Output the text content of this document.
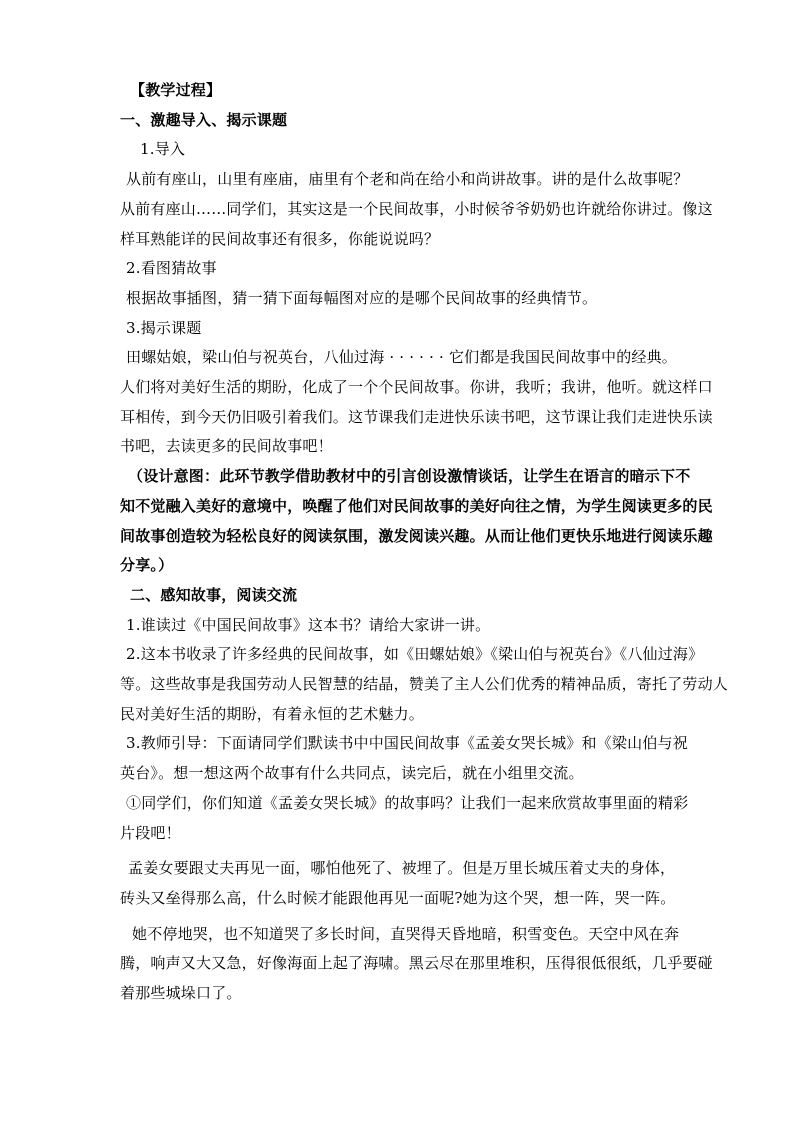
【教学过程】
一、激趣导入、揭示课题
1.导入
从前有座山，山里有座庙，庙里有个老和尚在给小和尚讲故事。讲的是什么故事呢？
从前有座山……同学们，其实这是一个民间故事，小时候爷爷奶奶也许就给你讲过。像这
样耳熟能详的民间故事还有很多，你能说说吗？
2.看图猜故事
根据故事插图，猜一猜下面每幅图对应的是哪个民间故事的经典情节。
3.揭示课题
田螺姑娘，梁山伯与祝英台，八仙过海 · · · · · · 它们都是我国民间故事中的经典。
人们将对美好生活的期盼，化成了一个个民间故事。你讲，我听；我讲，他听。就这样口
耳相传，到今天仍旧吸引着我们。这节课我们走进快乐读书吧，这节课让我们走进快乐读
书吧，去读更多的民间故事吧！
（设计意图：此环节教学借助教材中的引言创设激情谈话，让学生在语言的暗示下不
知不觉融入美好的意境中，唤醒了他们对民间故事的美好向往之情，为学生阅读更多的民
间故事创造较为轻松良好的阅读氛围，激发阅读兴趣。从而让他们更快乐地进行阅读乐趣
分享。）
二、感知故事，阅读交流
1.谁读过《中国民间故事》这本书？请给大家讲一讲。
2.这本书收录了许多经典的民间故事，如《田螺姑娘》《梁山伯与祝英台》《八仙过海》
等。这些故事是我国劳动人民智慧的结晶，赞美了主人公们优秀的精神品质，寄托了劳动人
民对美好生活的期盼，有着永恒的艺术魅力。
3.教师引导：下面请同学们默读书中中国民间故事《孟姜女哭长城》和《梁山伯与祝
英台》。想一想这两个故事有什么共同点，读完后，就在小组里交流。
①同学们，你们知道《孟姜女哭长城》的故事吗？让我们一起来欣赏故事里面的精彩
片段吧！
孟姜女要跟丈夫再见一面，哪怕他死了、被埋了。但是万里长城压着丈夫的身体，
砖头又垒得那么高，什么时候才能跟他再见一面呢?她为这个哭，想一阵，哭一阵。
她不停地哭，也不知道哭了多长时间，直哭得天昏地暗，积雪变色。天空中风在奔
腾，响声又大又急，好像海面上起了海啸。黑云尽在那里堆积，压得很低很纸，几乎要碰
着那些城垛口了。
